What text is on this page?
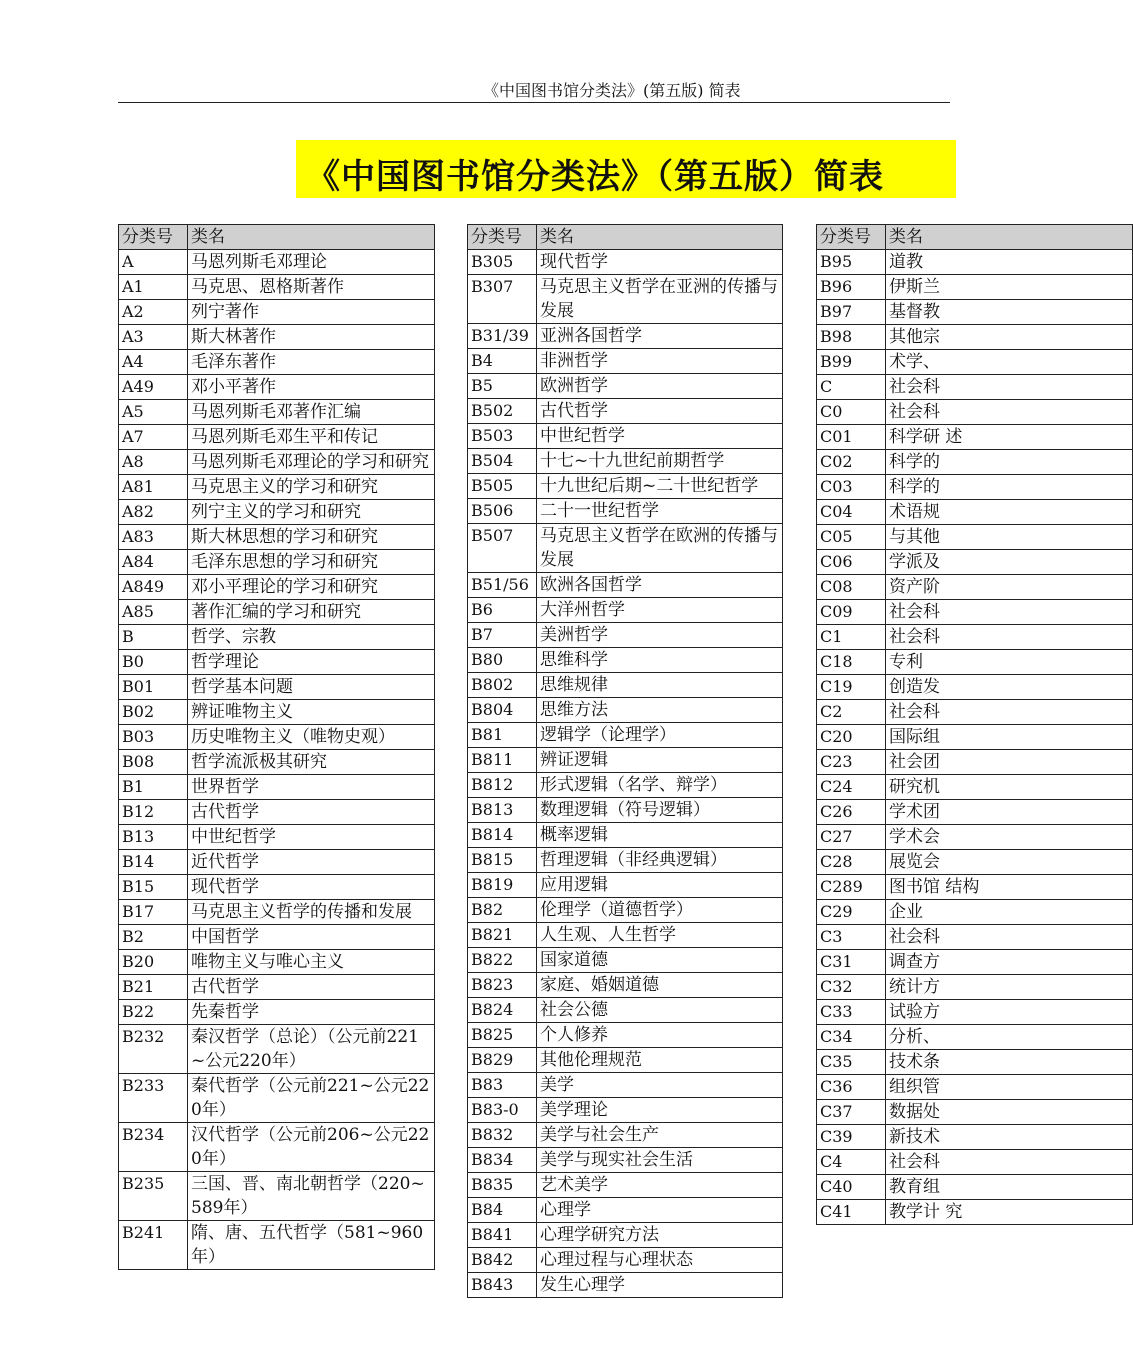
《中国图书馆分类法》(第五版) 简表
《中国图书馆分类法》（第五版）简表
分类号	类名
A	马恩列斯毛邓理论
A1	马克思、恩格斯著作
A2	列宁著作
A3	斯大林著作
A4	毛泽东著作
A49	邓小平著作
A5	马恩列斯毛邓著作汇编
A7	马恩列斯毛邓生平和传记
A8	马恩列斯毛邓理论的学习和研究
A81	马克思主义的学习和研究
A82	列宁主义的学习和研究
A83	斯大林思想的学习和研究
A84	毛泽东思想的学习和研究
A849	邓小平理论的学习和研究
A85	著作汇编的学习和研究
B	哲学、宗教
B0	哲学理论
B01	哲学基本问题
B02	辨证唯物主义
B03	历史唯物主义（唯物史观）
B08	哲学流派极其研究
B1	世界哲学
B12	古代哲学
B13	中世纪哲学
B14	近代哲学
B15	现代哲学
B17	马克思主义哲学的传播和发展
B2	中国哲学
B20	唯物主义与唯心主义
B21	古代哲学
B22	先秦哲学
B232	秦汉哲学（总论）（公元前221~公元220年）
B233	秦代哲学（公元前221~公元220年）
B234	汉代哲学（公元前206~公元220年）
B235	三国、晋、南北朝哲学（220~589年）
B241	隋、唐、五代哲学（581~960年）
分类号	类名
B305	现代哲学
B307	马克思主义哲学在亚洲的传播与发展
B31/39	亚洲各国哲学
B4	非洲哲学
B5	欧洲哲学
B502	古代哲学
B503	中世纪哲学
B504	十七~十九世纪前期哲学
B505	十九世纪后期~二十世纪哲学
B506	二十一世纪哲学
B507	马克思主义哲学在欧洲的传播与发展
B51/56	欧洲各国哲学
B6	大洋州哲学
B7	美洲哲学
B80	思维科学
B802	思维规律
B804	思维方法
B81	逻辑学（论理学）
B811	辨证逻辑
B812	形式逻辑（名学、辩学）
B813	数理逻辑（符号逻辑）
B814	概率逻辑
B815	哲理逻辑（非经典逻辑）
B819	应用逻辑
B82	伦理学（道德哲学）
B821	人生观、人生哲学
B822	国家道德
B823	家庭、婚姻道德
B824	社会公德
B825	个人修养
B829	其他伦理规范
B83	美学
B83-0	美学理论
B832	美学与社会生产
B834	美学与现实社会生活
B835	艺术美学
B84	心理学
B841	心理学研究方法
B842	心理过程与心理状态
B843	发生心理学
分类号	类名
B95	道教
B96	伊斯兰
B97	基督教
B98	其他宗
B99	术学、
C	社会科
C0	社会科
C01	科学研 述
C02	科学的
C03	科学的
C04	术语规
C05	与其他
C06	学派及
C08	资产阶
C09	社会科
C1	社会科
C18	专利
C19	创造发
C2	社会科
C20	国际组
C23	社会团
C24	研究机
C26	学术团
C27	学术会
C28	展览会
C289	图书馆 结构
C29	企业
C3	社会科
C31	调查方
C32	统计方
C33	试验方
C34	分析、
C35	技术条
C36	组织管
C37	数据处
C39	新技术
C4	社会科
C40	教育组
C41	教学计 究
